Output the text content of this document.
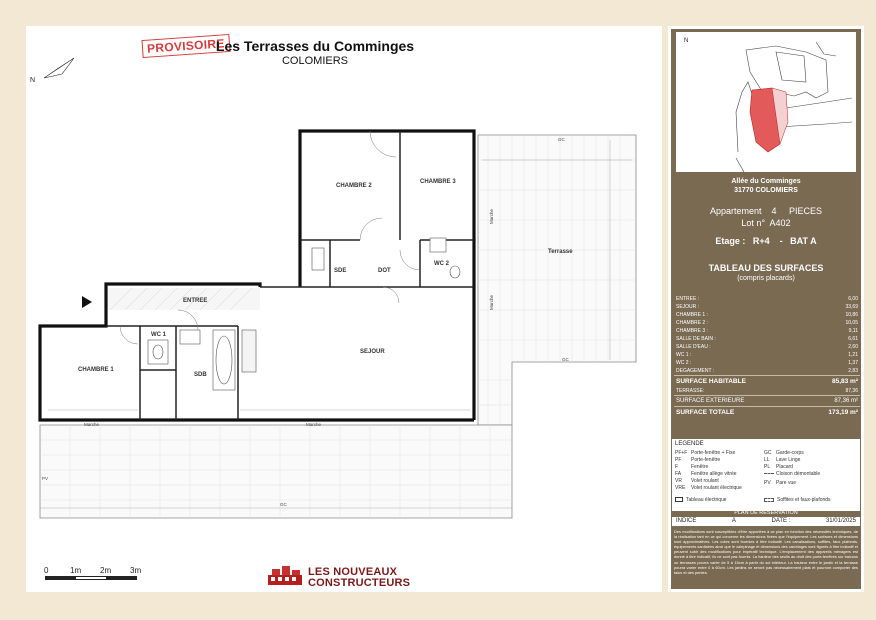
PROVISOIRE
Les Terrasses du Comminges
COLOMIERS
N
CHAMBRE 2
CHAMBRE 3
Terrasse
SDE	DOT
WC 2
ENTREE
WC 1
SDB
CHAMBRE 1
SEJOUR
Marche
Marche	Marche
Marche
GC
GC
GC
PV
0	1m 2m 3m	LES NOUVEAUX
CONSTRUCTEURS
N
Allée du Comminges
31770 COLOMIERS
Appartement    4     PIECES
Lot n°  A402
Etage :   R+4    -   BAT A
TABLEAU DES SURFACES
(compris placards)
ENTREE :	6,00
SEJOUR :	33,69
CHAMBRE 1 :	10,86
CHAMBRE 2 :	10,05
CHAMBRE 3 :	9,11
SALLE DE BAIN :	6,61
SALLE D'EAU :	2,60
WC 1 :	1,21
WC 2 :	1,37
DEGAGEMENT :	2,83
SURFACE HABITABLE	85,83 m²
TERRASSE:	87,36
SURFACE EXTERIEURE	87,36 m²
SURFACE TOTALE	173,19 m²
LEGENDE
PF+F Porte-fenêtre + Fixe
PF Porte-fenêtre
F	Fenêtre
FA Fenêtre allège vitrée
VR Volet roulant
VRE Volet roulant électrique
GC Garde-corps
LL Lave Linge
PL Placard
Cloison démontable
PV Pare vue
Tableau électrique	Soffites et faux-plafonds
PLAN DE RESERVATION
INDICE	A	DATE :	31/01/2025
Des modifications sont susceptibles d'être apportées à ce plan en fonction des nécessités techniques, de la réalisation tant en ce qui concerne les dimensions fixées que l'équipement. Les surfaces et dimensions sont approximatives. Les cotes sont fournies à titre indicatif. Les canalisations, soffites, faux plafonds, équipements sanitaires ainsi que le calepinage et dimensions des carrelages sont figurés à titre indicatif et peuvent subir des modifications pour impératif technique. L'emplacement des appareils ménagers est donné à titre indicatif, ils ne sont pas fournis. La hauteur des seuils au droit des porte-fenêtres sur balcons ou terrasses pourra varier de 5 à 15cm à partir du sol intérieur. La hauteur entre le jardin et la terrasse pourra varier entre 0 à 60cm. Les jardins ne seront pas nécessairement plats et pourront comporter des talus et des pentes.
